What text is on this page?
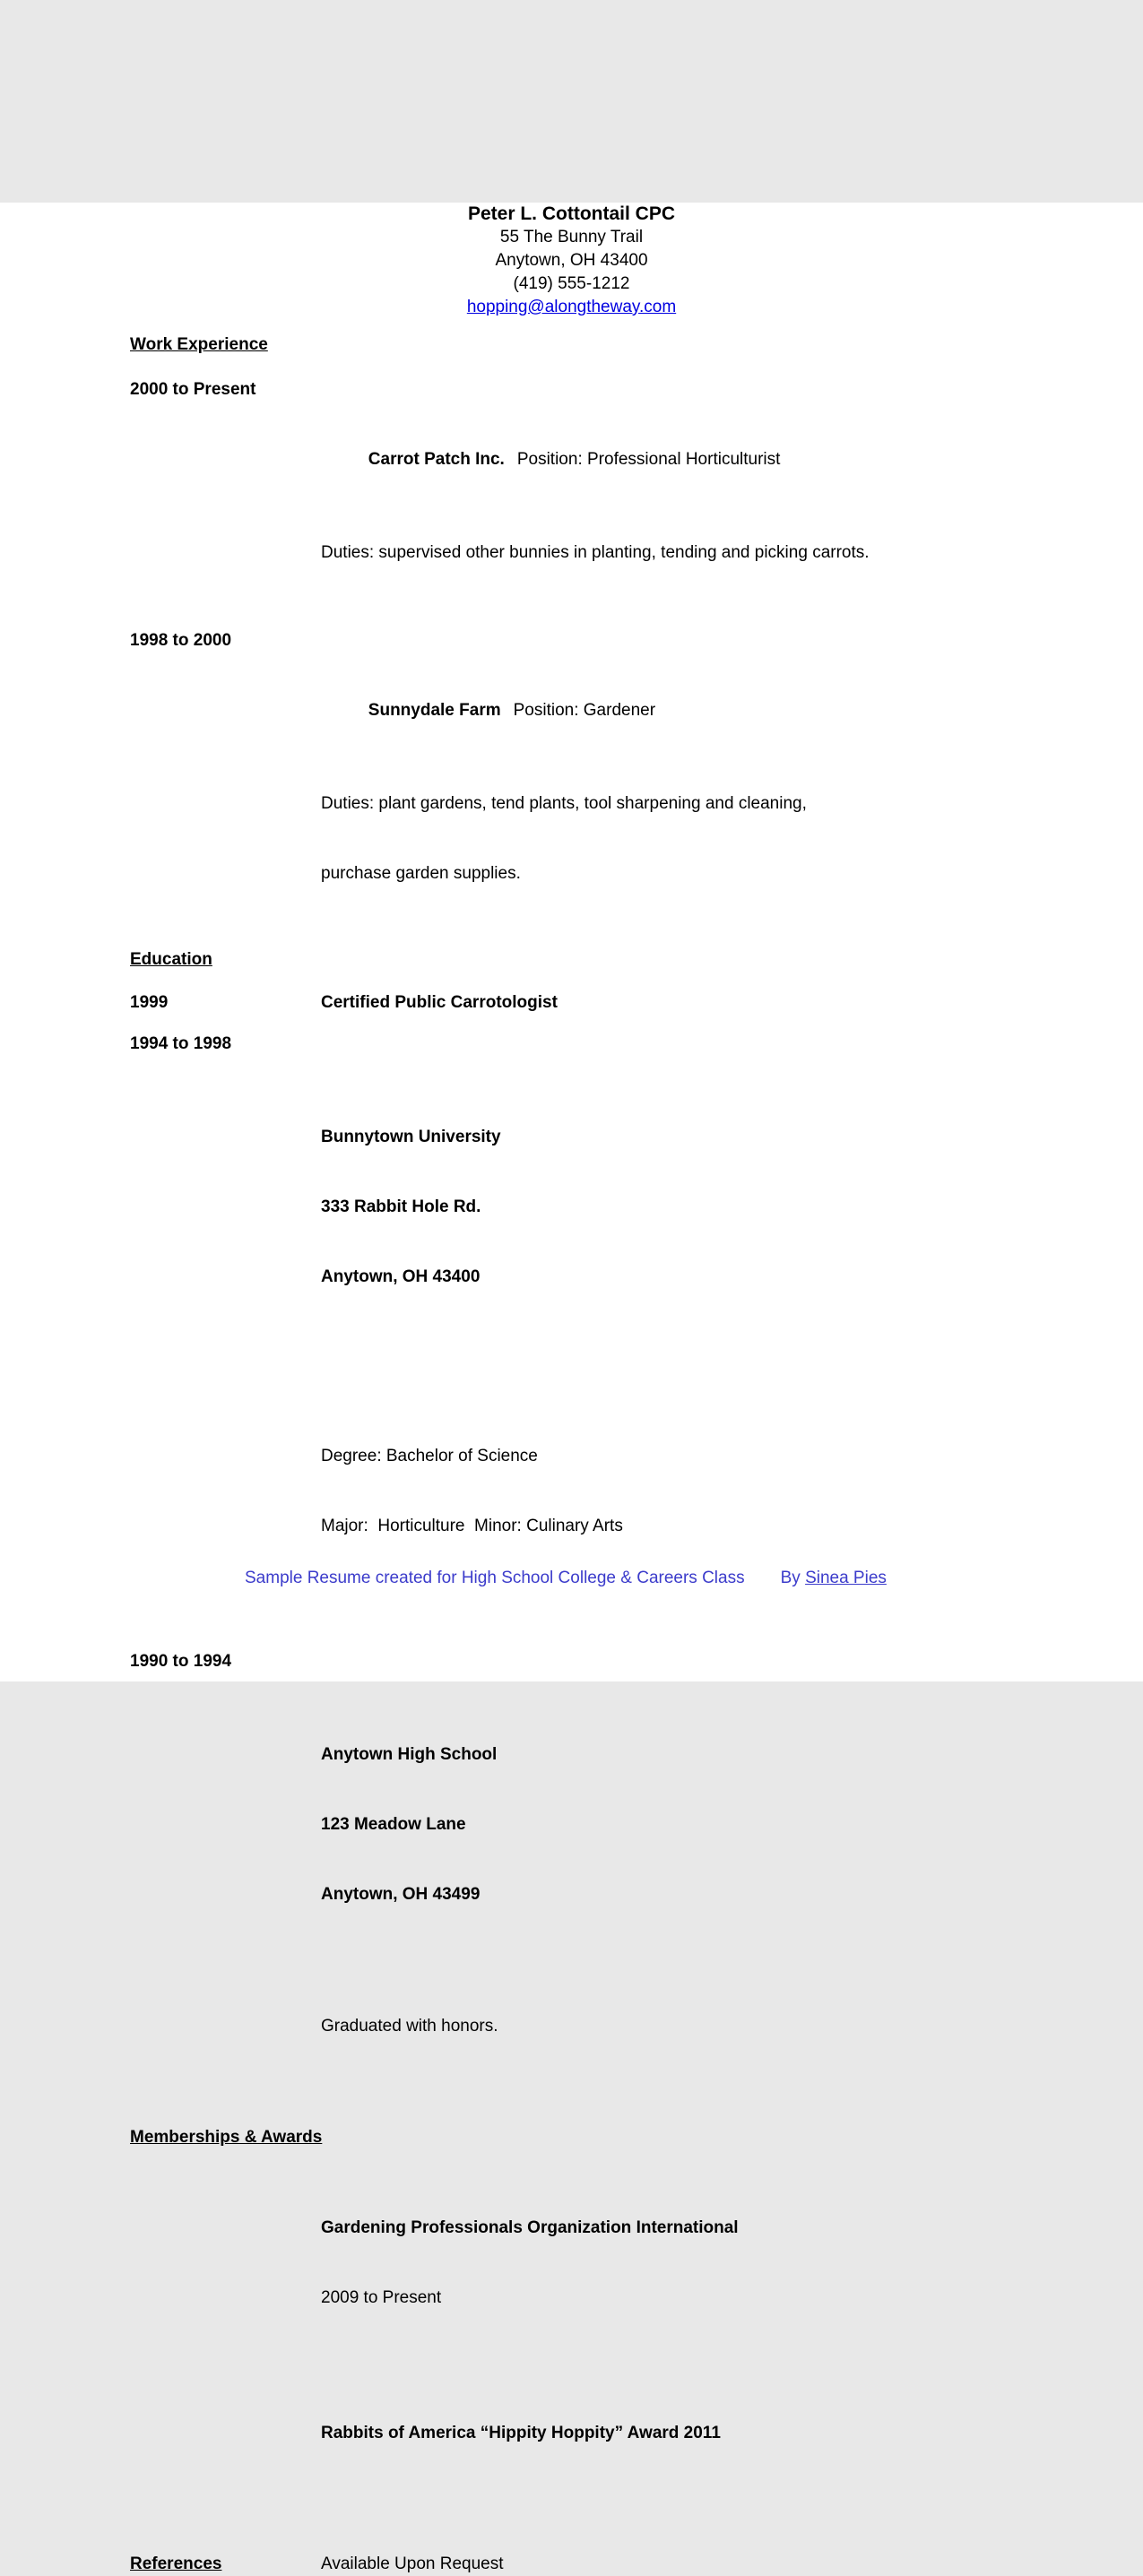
Peter L. Cottontail CPC
55 The Bunny Trail
Anytown, OH 43400
(419) 555-1212
hopping@alongtheway.com
Work Experience
2000 to Present

Carrot Patch Inc. Position: Professional Horticulturist

Duties: supervised other bunnies in planting, tending and picking carrots.

1998 to 2000

Sunnydale Farm Position: Gardener

Duties: plant gardens, tend plants, tool sharpening and cleaning,

purchase garden supplies.

Education
1999	Certified Public Carrotologist
1994 to 1998

Bunnytown University

333 Rabbit Hole Rd.

Anytown, OH 43400

Degree: Bachelor of Science

Major:  Horticulture  Minor: Culinary Arts

1990 to 1994

Anytown High School

123 Meadow Lane

Anytown, OH 43499

Graduated with honors.

Memberships & Awards

Gardening Professionals Organization International

2009 to Present

Rabbits of America “Hippity Hoppity” Award 2011

References	Available Upon Request
Sample Resume created for High School College & Careers Class By Sinea Pies
